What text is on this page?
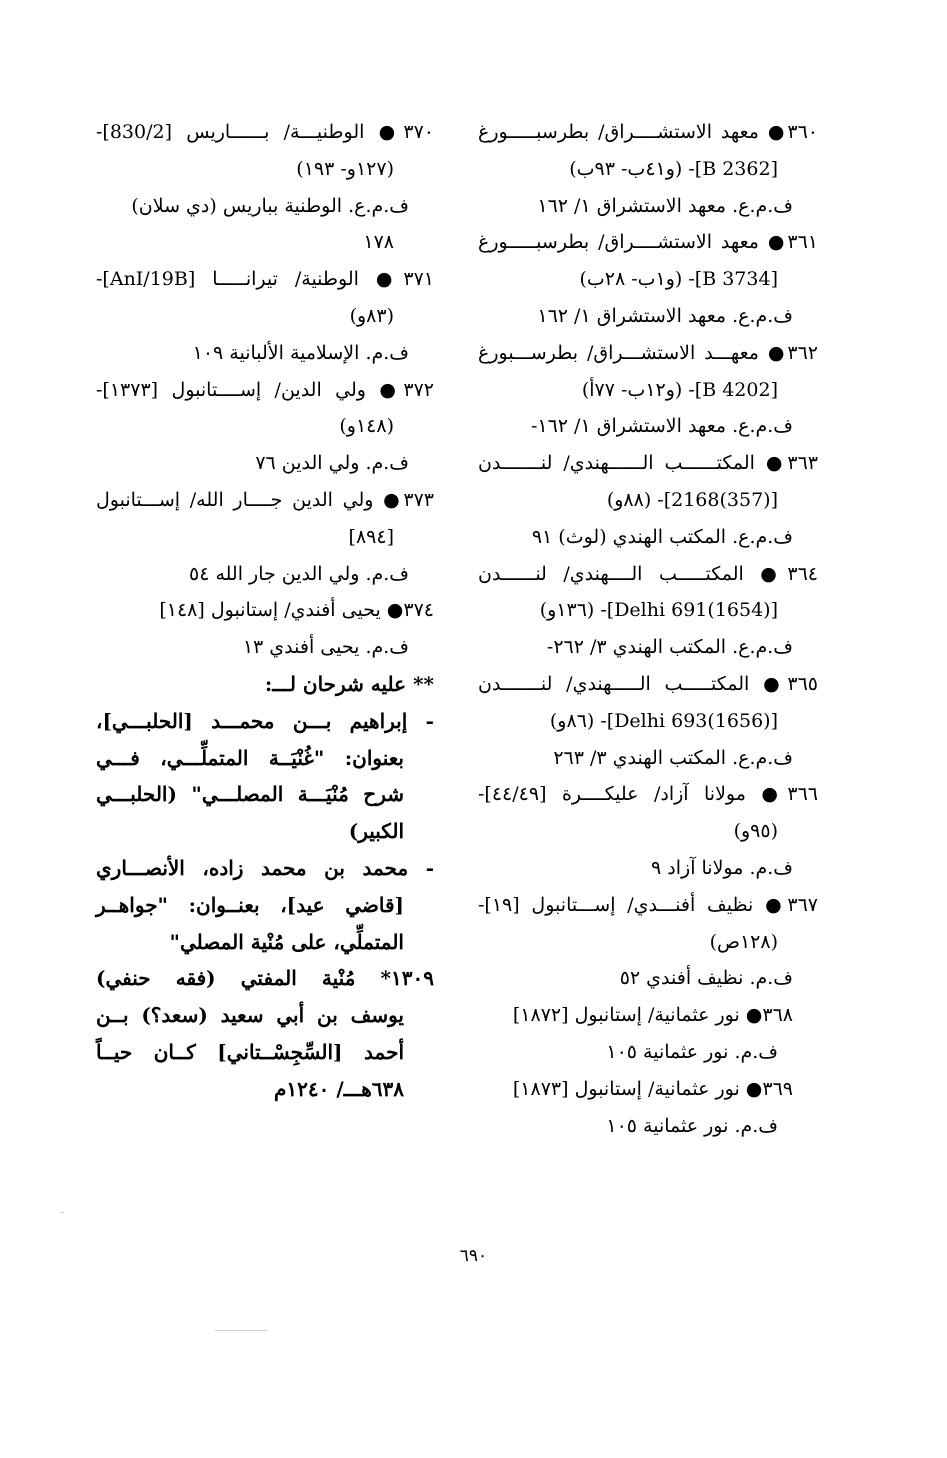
٣٦٠● معهد الاستشــــراق/ بطرسبـــــورغ
[B 2362]- (و٤١ب- ٩٣ب)
ف.م.ع. معهد الاستشراق ١/ ١٦٢
٣٦١● معهد الاستشــــراق/ بطرسبـــــورغ
[B 3734]- (و١ب- ٢٨ب)
ف.م.ع. معهد الاستشراق ١/ ١٦٢
٣٦٢● معهـــد الاستشـــراق/ بطرســـبورغ
[B 4202]- (و١٢ب- ٧٧أ)
ف.م.ع. معهد الاستشراق ١/ ١٦٢-
٣٦٣● المكتــــــب الــــــهندي/ لنـــــــدن
[(357)2168]- (٨٨و)
ف.م.ع. المكتب الهندي (لوث) ٩١
٣٦٤● المكتـــــب الــــهندي/ لنــــــدن
[(1654)Delhi 691]- (١٣٦و)
ف.م.ع. المكتب الهندي ٣/ ٢٦٢-
٣٦٥● المكتـــــب الـــــهندي/ لنـــــــدن
[(1656)Delhi 693]- (٨٦و)
ف.م.ع. المكتب الهندي ٣/ ٢٦٣
٣٦٦● مولانا آزاد/ عليكــــرة [٤٤/٤٩]-
(٩٥و)
ف.م. مولانا آزاد ٩
٣٦٧● نظيف أفنـــدي/ إســـتانبول [١٩]-
(١٢٨ص)
ف.م. نظيف أفندي ٥٢
٣٦٨● نور عثمانية/ إستانبول [١٨٧٢]
ف.م. نور عثمانية ١٠٥
٣٦٩● نور عثمانية/ إستانبول [١٨٧٣]
ف.م. نور عثمانية ١٠٥
٣٧٠● الوطنيـــة/ بــــــاريس [830/2]-
(١٢٧و- ١٩٣)
ف.م.ع. الوطنية بباريس (دي سلان)
١٧٨
٣٧١● الوطنية/ تيرانـــــا [AnI/19B]-
(٨٣و)
ف.م. الإسلامية الألبانية ١٠٩
٣٧٢● ولي الدين/ إســــتانبول [١٣٧٣]-
(١٤٨و)
ف.م. ولي الدين ٧٦
٣٧٣● ولي الدين جــــار الله/ إســـتانبول
[٨٩٤]
ف.م. ولي الدين جار الله ٥٤
٣٧٤● يحيى أفندي/ إستانبول [١٤٨]
ف.م. يحيى أفندي ١٣
** عليه شرحان لـــ:
- إبراهيم بـــن محمـــد [الحلبـــي]،
بعنوان: "غُنْيَــة المتملِّـــي، فـــي
شرح مُنْيَـــة المصلـــي" (الحلبـــي
الكبير)
- محمد بن محمد زاده، الأنصـــاري
[قاضي عيد]، بعنــوان: "جواهــر
المتملِّي، على مُنْية المصلي"
١٣٠٩* مُنْية المفتي (فقه حنفي)
يوسف بن أبي سعيد (سعد؟) بــن
أحمد [السِّجِسْــتاني] كــان حيــاً
٦٣٨هـــ/ ١٢٤٠م
٦٩٠
